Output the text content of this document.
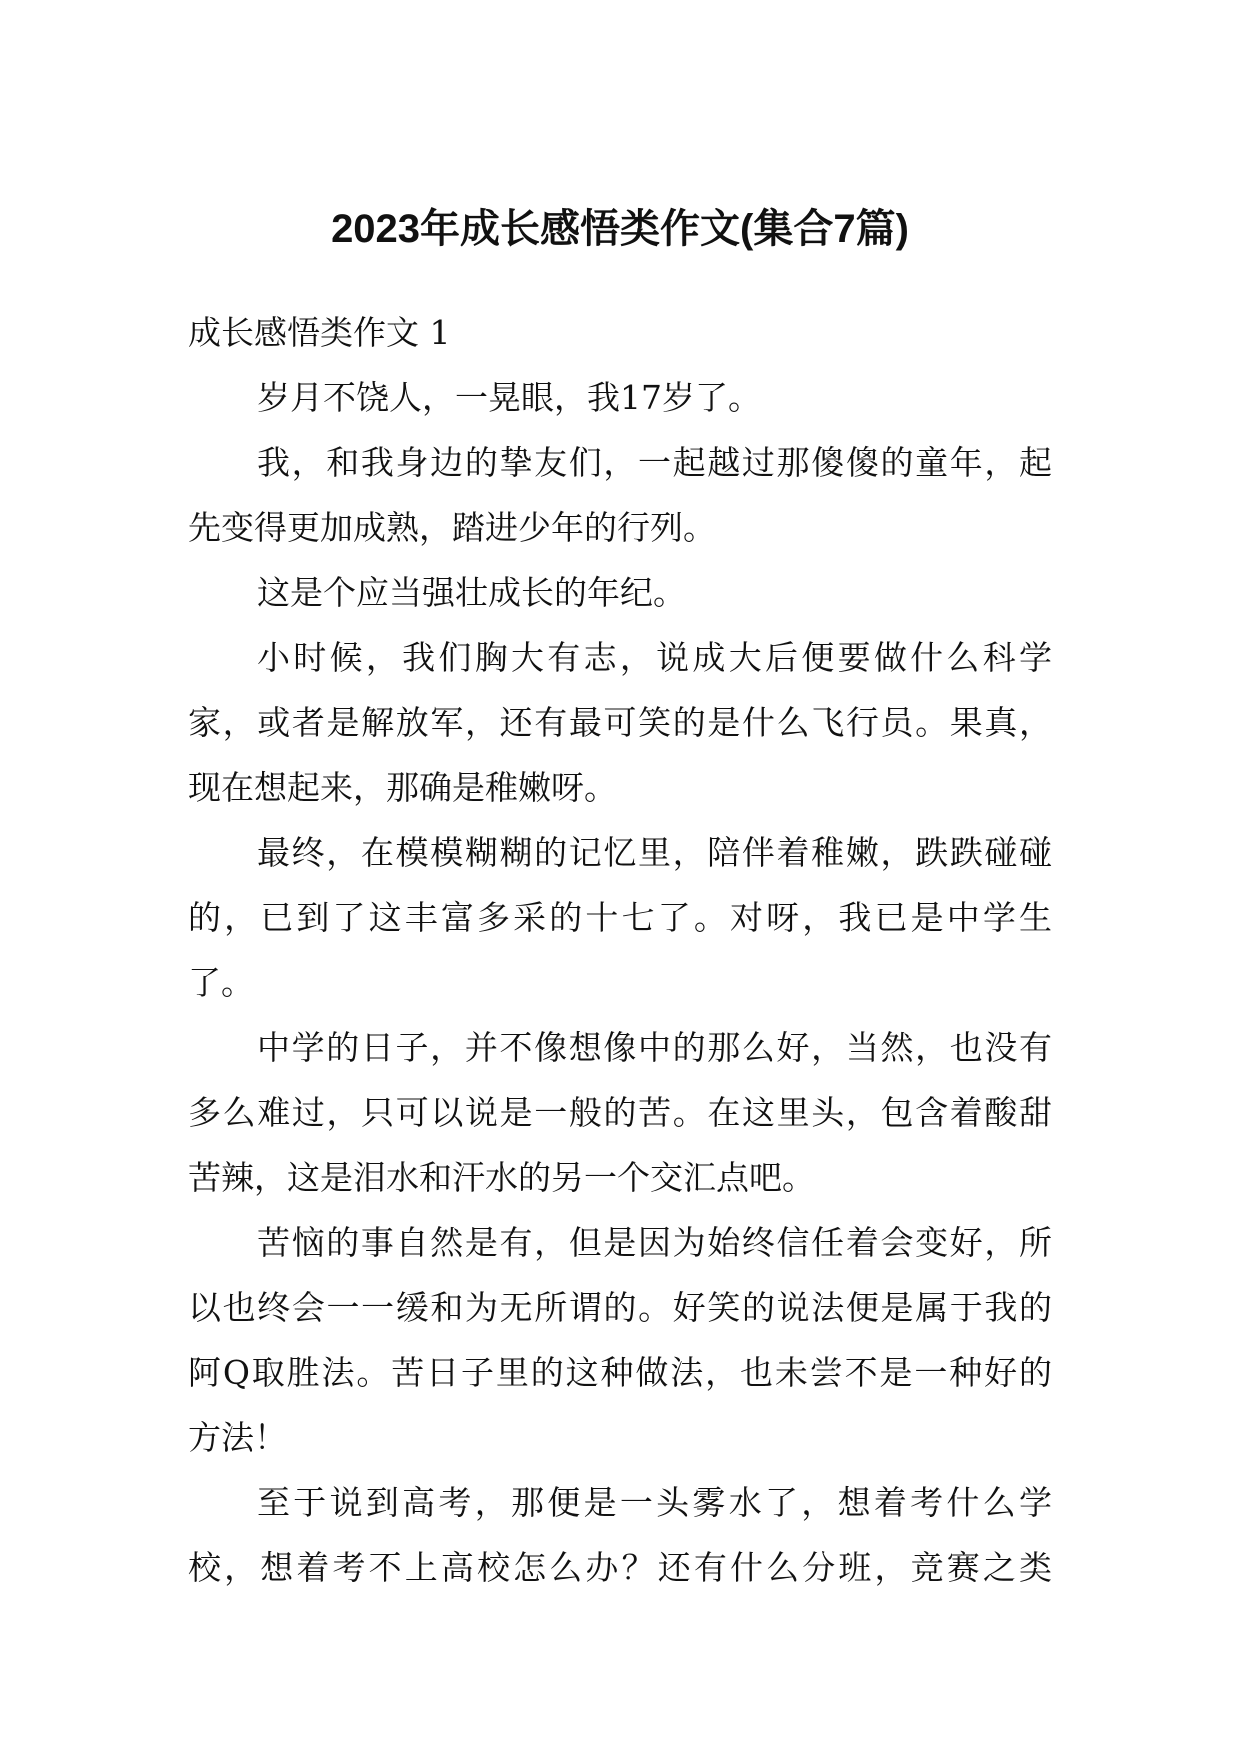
2023年成长感悟类作文(集合7篇)
成长感悟类作文 1
岁月不饶人，一晃眼，我17岁了。
我，和我身边的挚友们，一起越过那傻傻的童年，起
先变得更加成熟，踏进少年的行列。
这是个应当强壮成长的年纪。
小时候，我们胸大有志，说成大后便要做什么科学
家，或者是解放军，还有最可笑的是什么飞行员。果真，
现在想起来，那确是稚嫩呀。
最终，在模模糊糊的记忆里，陪伴着稚嫩，跌跌碰碰
的，已到了这丰富多采的十七了。对呀，我已是中学生
了。
中学的日子，并不像想像中的那么好，当然，也没有
多么难过，只可以说是一般的苦。在这里头，包含着酸甜
苦辣，这是泪水和汗水的另一个交汇点吧。
苦恼的事自然是有，但是因为始终信任着会变好，所
以也终会一一缓和为无所谓的。好笑的说法便是属于我的
阿Q取胜法。苦日子里的这种做法，也未尝不是一种好的
方法！
至于说到高考，那便是一头雾水了，想着考什么学
校，想着考不上高校怎么办？还有什么分班，竞赛之类
